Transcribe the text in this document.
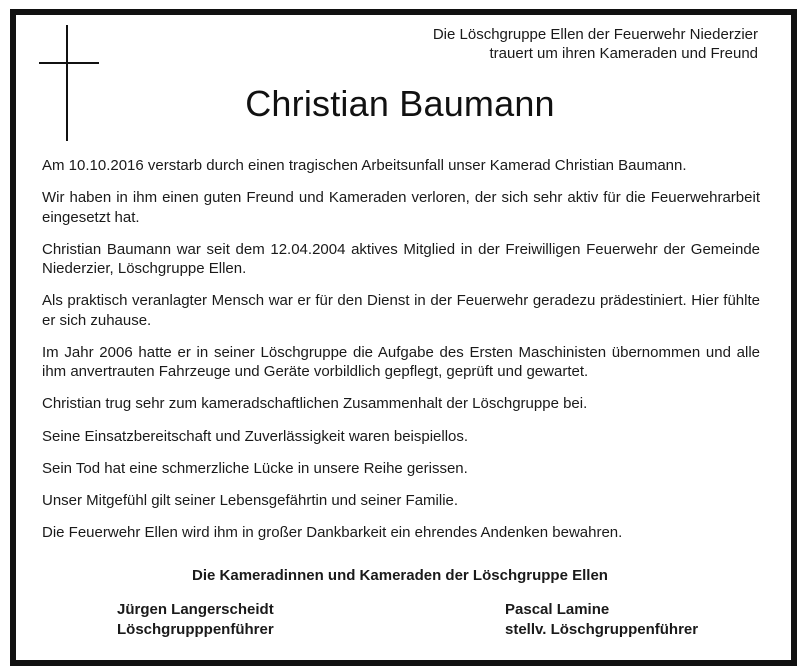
Die Löschgruppe Ellen der Feuerwehr Niederzier
trauert um ihren Kameraden und Freund
Christian Baumann

Am 10.10.2016 verstarb durch einen tragischen Arbeitsunfall unser Kamerad Christian Baumann.

Wir haben in ihm einen guten Freund und Kameraden verloren, der sich sehr aktiv für die Feuerwehrarbeit eingesetzt hat.

Christian Baumann war seit dem 12.04.2004 aktives Mitglied in der Freiwilligen Feuerwehr der Gemeinde Niederzier, Löschgruppe Ellen.

Als praktisch veranlagter Mensch war er für den Dienst in der Feuerwehr geradezu prädestiniert. Hier fühlte er sich zuhause.

Im Jahr 2006 hatte er in seiner Löschgruppe die Aufgabe des Ersten Maschinisten übernommen und alle ihm anvertrauten Fahrzeuge und Geräte vorbildlich gepflegt, geprüft und gewartet.

Christian trug sehr zum kameradschaftlichen Zusammenhalt der Löschgruppe bei.

Seine Einsatzbereitschaft und Zuverlässigkeit waren beispiellos.

Sein Tod hat eine schmerzliche Lücke in unsere Reihe gerissen.

Unser Mitgefühl gilt seiner Lebensgefährtin und seiner Familie.

Die Feuerwehr Ellen wird ihm in großer Dankbarkeit ein ehrendes Andenken bewahren.

Die Kameradinnen und Kameraden der Löschgruppe Ellen
Jürgen Langerscheidt
Löschgrupppenführer
Pascal Lamine
stellv. Löschgruppenführer
